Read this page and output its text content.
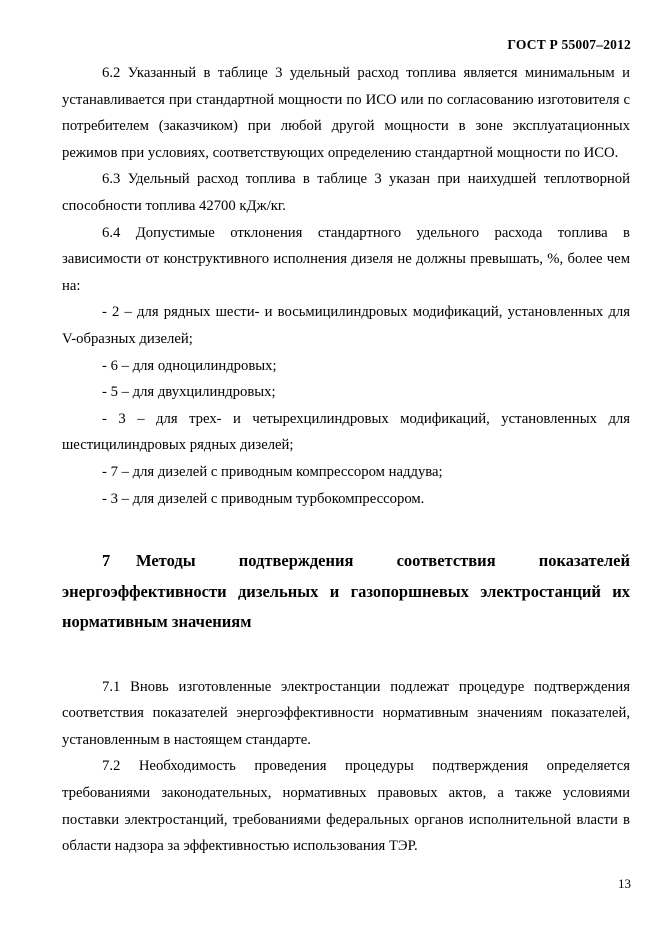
ГОСТ Р 55007–2012

6.2 Указанный в таблице 3 удельный расход топлива является минимальным и устанавливается при стандартной мощности по ИСО или по согласованию изготовителя с потребителем (заказчиком) при любой другой мощности в зоне эксплуатационных режимов при условиях, соответствующих определению стандартной мощности по ИСО.

6.3 Удельный расход топлива в таблице 3 указан при наихудшей теплотворной способности топлива 42700 кДж/кг.

6.4 Допустимые отклонения стандартного удельного расхода топлива в зависимости от конструктивного исполнения дизеля не должны превышать, %, более чем на:

- 2 – для рядных шести- и восьмицилиндровых модификаций, установленных для V-образных дизелей;

- 6 – для одноцилиндровых;

- 5 – для двухцилиндровых;

- 3 – для трех- и четырехцилиндровых модификаций, установленных для шестицилиндровых рядных дизелей;

- 7 – для дизелей с приводным компрессором наддува;

- 3 – для дизелей с приводным турбокомпрессором.

7 Методы подтверждения соответствия показателей энергоэффективности дизельных и газопоршневых электростанций их нормативным значениям

7.1 Вновь изготовленные электростанции подлежат процедуре подтверждения соответствия показателей энергоэффективности нормативным значениям показателей, установленным в настоящем стандарте.

7.2 Необходимость проведения процедуры подтверждения определяется требованиями законодательных, нормативных правовых актов, а также условиями поставки электростанций, требованиями федеральных органов исполнительной власти в области надзора за эффективностью использования ТЭР.

13
